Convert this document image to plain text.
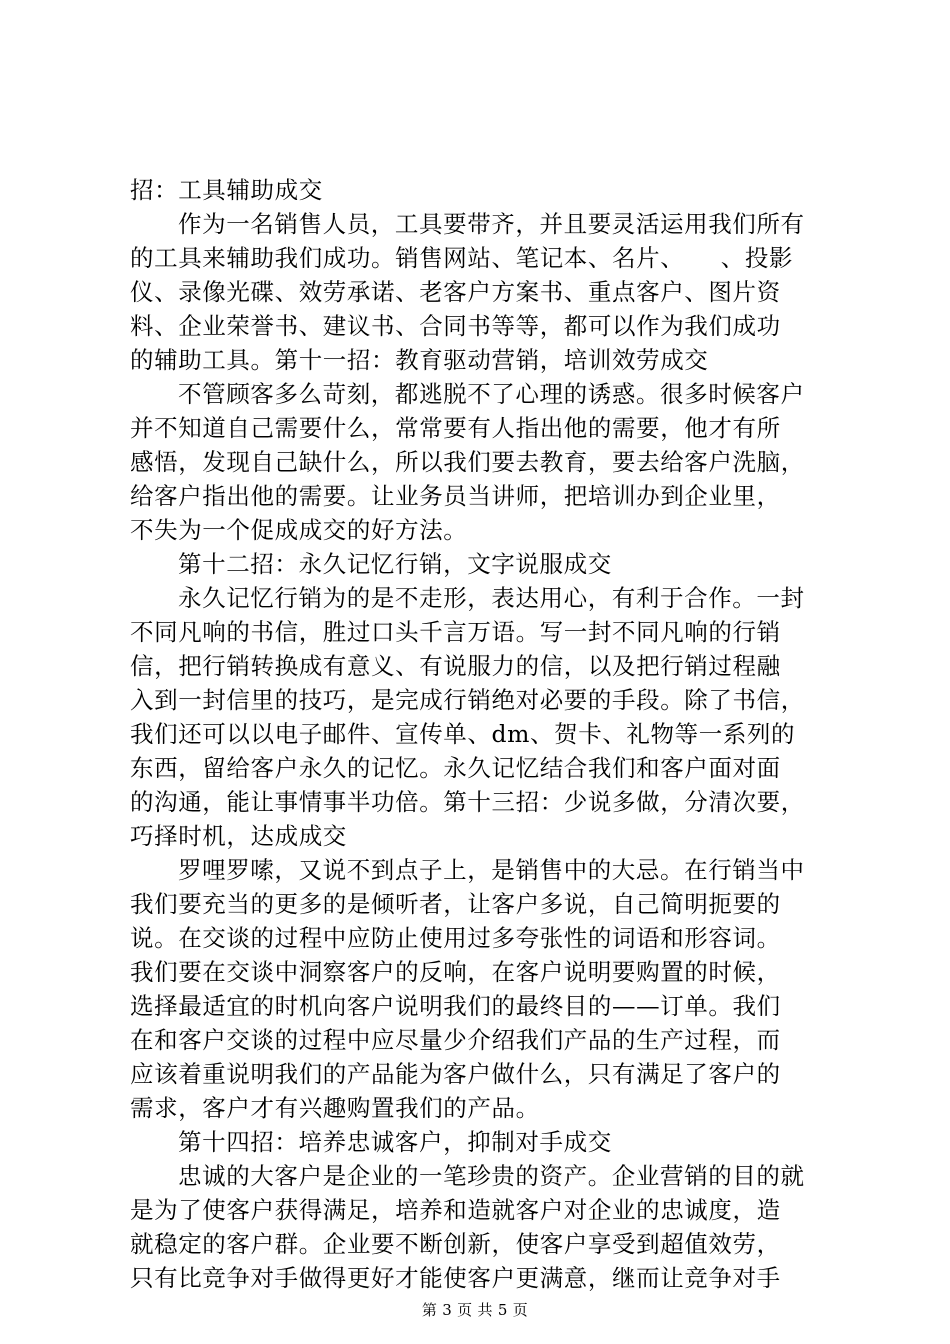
招：工具辅助成交
作为一名销售人员，工具要带齐，并且要灵活运用我们所有
的工具来辅助我们成功。销售网站、笔记本、名片、　　、投影
仪、录像光碟、效劳承诺、老客户方案书、重点客户、图片资
料、企业荣誉书、建议书、合同书等等，都可以作为我们成功
的辅助工具。第十一招：教育驱动营销，培训效劳成交
不管顾客多么苛刻，都逃脱不了心理的诱惑。很多时候客户
并不知道自己需要什么，常常要有人指出他的需要，他才有所
感悟，发现自己缺什么，所以我们要去教育，要去给客户洗脑，
给客户指出他的需要。让业务员当讲师，把培训办到企业里，
不失为一个促成成交的好方法。
第十二招：永久记忆行销，文字说服成交
永久记忆行销为的是不走形，表达用心，有利于合作。一封
不同凡响的书信，胜过口头千言万语。写一封不同凡响的行销
信，把行销转换成有意义、有说服力的信，以及把行销过程融
入到一封信里的技巧，是完成行销绝对必要的手段。除了书信，
我们还可以以电子邮件、宣传单、dm、贺卡、礼物等一系列的
东西，留给客户永久的记忆。永久记忆结合我们和客户面对面
的沟通，能让事情事半功倍。第十三招：少说多做，分清次要，
巧择时机，达成成交
罗哩罗嗦，又说不到点子上，是销售中的大忌。在行销当中
我们要充当的更多的是倾听者，让客户多说，自己简明扼要的
说。在交谈的过程中应防止使用过多夸张性的词语和形容词。
我们要在交谈中洞察客户的反响，在客户说明要购置的时候，
选择最适宜的时机向客户说明我们的最终目的——订单。我们
在和客户交谈的过程中应尽量少介绍我们产品的生产过程，而
应该着重说明我们的产品能为客户做什么，只有满足了客户的
需求，客户才有兴趣购置我们的产品。
第十四招：培养忠诚客户，抑制对手成交
忠诚的大客户是企业的一笔珍贵的资产。企业营销的目的就
是为了使客户获得满足，培养和造就客户对企业的忠诚度，造
就稳定的客户群。企业要不断创新，使客户享受到超值效劳，
只有比竞争对手做得更好才能使客户更满意，继而让竞争对手
第 3 页 共 5 页
